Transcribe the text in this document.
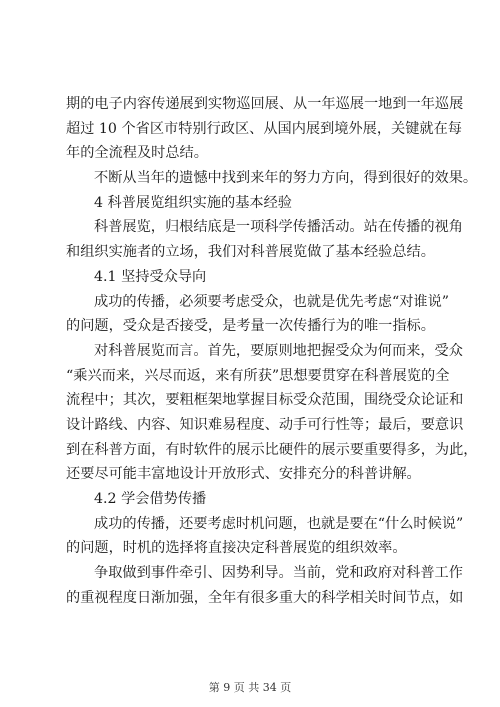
期的电子内容传递展到实物巡回展、从一年巡展一地到一年巡展
超过 10 个省区市特别行政区、从国内展到境外展，关键就在每
年的全流程及时总结。
不断从当年的遗憾中找到来年的努力方向，得到很好的效果。
4 科普展览组织实施的基本经验
科普展览，归根结底是一项科学传播活动。站在传播的视角
和组织实施者的立场，我们对科普展览做了基本经验总结。
4.1 坚持受众导向
成功的传播，必须要考虑受众，也就是优先考虑“对谁说”
的问题，受众是否接受，是考量一次传播行为的唯一指标。
对科普展览而言。首先，要原则地把握受众为何而来，受众
“乘兴而来，兴尽而返，来有所获”思想要贯穿在科普展览的全
流程中；其次，要粗框架地掌握目标受众范围，围绕受众论证和
设计路线、内容、知识难易程度、动手可行性等；最后，要意识
到在科普方面，有时软件的展示比硬件的展示要重要得多，为此，
还要尽可能丰富地设计开放形式、安排充分的科普讲解。
4.2 学会借势传播
成功的传播，还要考虑时机问题，也就是要在“什么时候说”
的问题，时机的选择将直接决定科普展览的组织效率。
争取做到事件牵引、因势利导。当前，党和政府对科普工作
的重视程度日渐加强，全年有很多重大的科学相关时间节点，如
第 9 页 共 34 页
